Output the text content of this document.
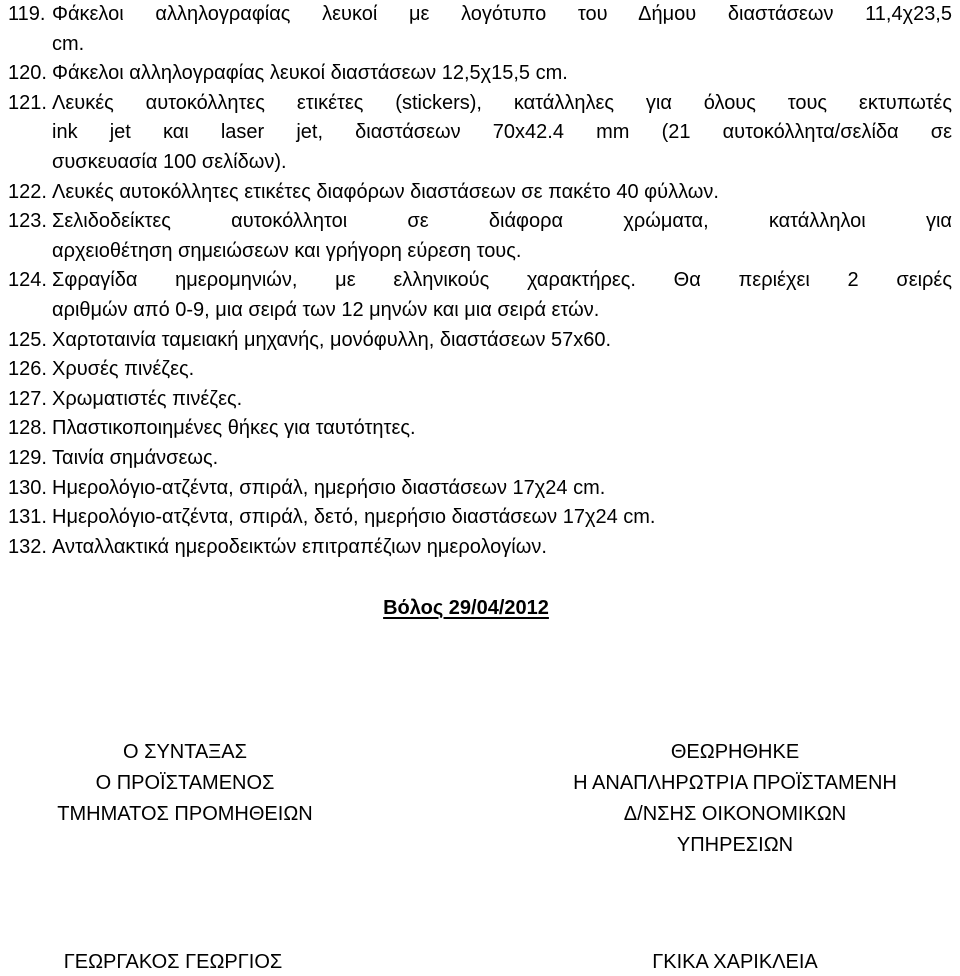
119. Φάκελοι αλληλογραφίας λευκοί με λογότυπο του Δήμου διαστάσεων 11,4χ23,5
cm.
120. Φάκελοι αλληλογραφίας λευκοί διαστάσεων 12,5χ15,5 cm.
121. Λευκές αυτοκόλλητες ετικέτες (stickers), κατάλληλες για όλους τους εκτυπωτές
ink jet και laser jet, διαστάσεων 70x42.4 mm (21 αυτοκόλλητα/σελίδα σε
συσκευασία 100 σελίδων).
122. Λευκές αυτοκόλλητες ετικέτες διαφόρων διαστάσεων σε πακέτο 40 φύλλων.
123. Σελιδοδείκτες αυτοκόλλητοι σε διάφορα χρώματα, κατάλληλοι για
αρχειοθέτηση σημειώσεων και γρήγορη εύρεση τους.
124. Σφραγίδα ημερομηνιών, με ελληνικούς χαρακτήρες. Θα περιέχει 2 σειρές
αριθμών από 0-9, μια σειρά των 12 μηνών και μια σειρά ετών.
125. Χαρτοταινία ταμειακή μηχανής, μονόφυλλη, διαστάσεων 57x60.
126. Χρυσές πινέζες.
127. Χρωματιστές πινέζες.
128. Πλαστικοποιημένες θήκες για ταυτότητες.
129. Ταινία σημάνσεως.
130. Ημερολόγιο-ατζέντα, σπιράλ, ημερήσιο διαστάσεων 17χ24 cm.
131. Ημερολόγιο-ατζέντα, σπιράλ, δετό, ημερήσιο διαστάσεων 17χ24 cm.
132. Ανταλλακτικά ημεροδεικτών επιτραπέζιων ημερολογίων.
Βόλος 29/04/2012
Ο ΣΥΝΤΑΞΑΣ
Ο ΠΡΟΪΣΤΑΜΕΝΟΣ
ΤΜΗΜΑΤΟΣ ΠΡΟΜΗΘΕΙΩΝ
ΘΕΩΡΗΘΗΚΕ
Η ΑΝΑΠΛΗΡΩΤΡΙΑ ΠΡΟΪΣΤΑΜΕΝΗ
Δ/ΝΣΗΣ ΟΙΚΟΝΟΜΙΚΩΝ
ΥΠΗΡΕΣΙΩΝ
ΓΕΩΡΓΑΚΟΣ ΓΕΩΡΓΙΟΣ	ΓΚΙΚΑ ΧΑΡΙΚΛΕΙΑ
